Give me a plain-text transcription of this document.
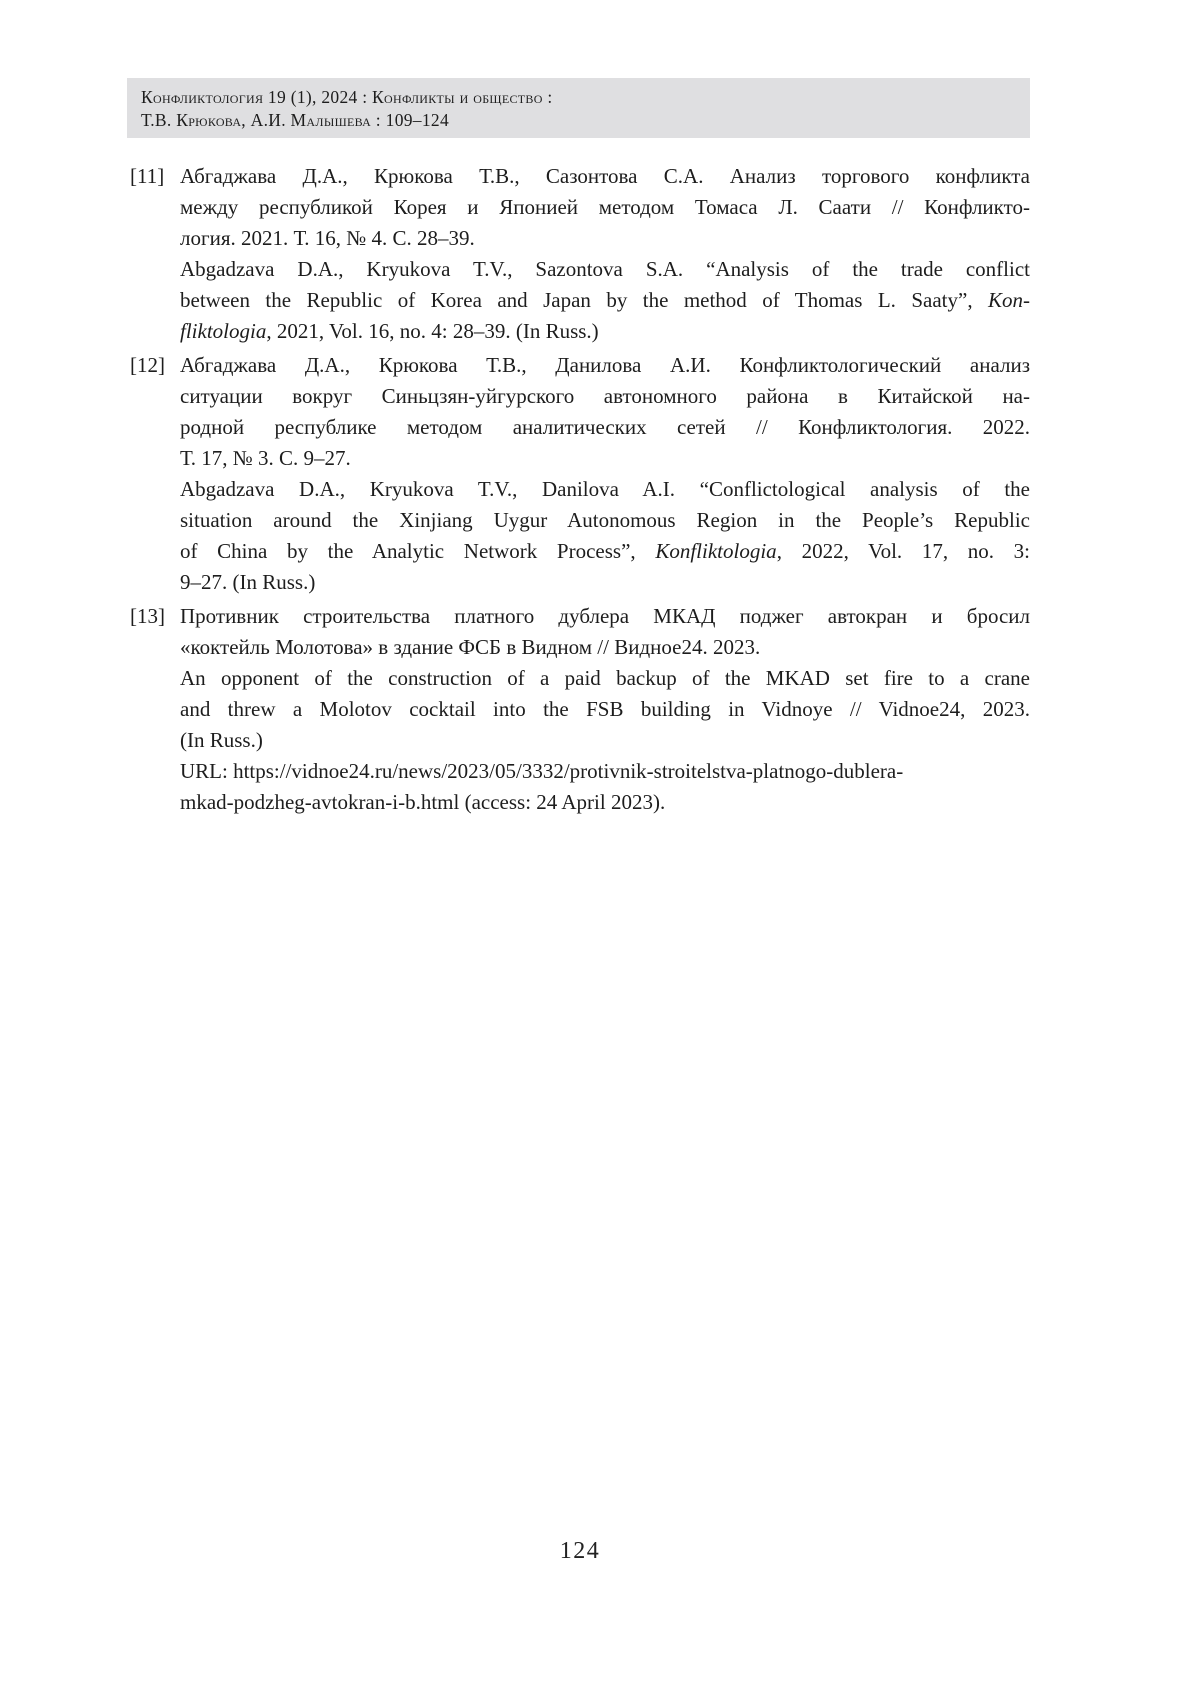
Конфликтология 19 (1), 2024 : Конфликты и общество :
Т.В. Крюкова, А.И. Малышева : 109–124
[11] Абгаджава Д.А., Крюкова Т.В., Сазонтова С.А. Анализ торгового конфликта
между республикой Корея и Японией методом Томаса Л. Саати // Конфликто-
логия. 2021. Т. 16, № 4. С. 28–39.
Abgadzava D.A., Kryukova T.V., Sazontova S.A. “Analysis of the trade conflict
between the Republic of Korea and Japan by the method of Thomas L. Saaty”, Kon-
fliktologia, 2021, Vol. 16, no. 4: 28–39. (In Russ.)
[12] Абгаджава Д.А., Крюкова Т.В., Данилова А.И. Конфликтологический анализ
ситуации вокруг Синьцзян-уйгурского автономного района в Китайской на-
родной республике методом аналитических сетей // Конфликтология. 2022.
Т. 17, № 3. С. 9–27.
Abgadzava D.A., Kryukova T.V., Danilova A.I. “Conflictological analysis of the
situation around the Xinjiang Uygur Autonomous Region in the People’s Republic
of China by the Analytic Network Process”, Konfliktologia, 2022, Vol. 17, no. 3:
9–27. (In Russ.)
[13] Противник строительства платного дублера МКАД поджег автокран и бросил
«коктейль Молотова» в здание ФСБ в Видном // Видное24. 2023.
An opponent of the construction of a paid backup of the MKAD set fire to a crane
and threw a Molotov cocktail into the FSB building in Vidnoye // Vidnoe24, 2023.
(In Russ.)
URL: https://vidnoe24.ru/news/2023/05/3332/protivnik-stroitelstva-platnogo-dublera-
mkad-podzheg-avtokran-i-b.html (access: 24 April 2023).
124
